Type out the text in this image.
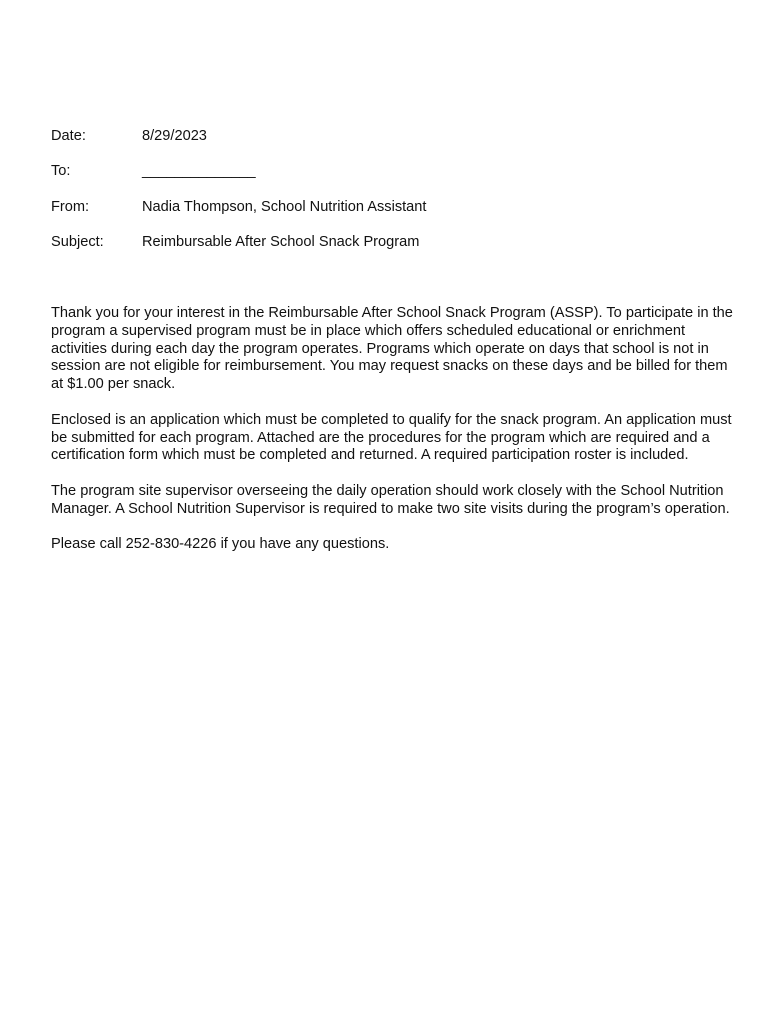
Date:	8/29/2023
To:	______________
From:	Nadia Thompson, School Nutrition Assistant
Subject:	Reimbursable After School Snack Program

Thank you for your interest in the Reimbursable After School Snack Program (ASSP). To participate in the program a supervised program must be in place which offers scheduled educational or enrichment activities during each day the program operates. Programs which operate on days that school is not in session are not eligible for reimbursement. You may request snacks on these days and be billed for them at $1.00 per snack.

Enclosed is an application which must be completed to qualify for the snack program. An application must be submitted for each program. Attached are the procedures for the program which are required and a certification form which must be completed and returned. A required participation roster is included.

The program site supervisor overseeing the daily operation should work closely with the School Nutrition Manager. A School Nutrition Supervisor is required to make two site visits during the program’s operation.

Please call 252-830-4226 if you have any questions.
